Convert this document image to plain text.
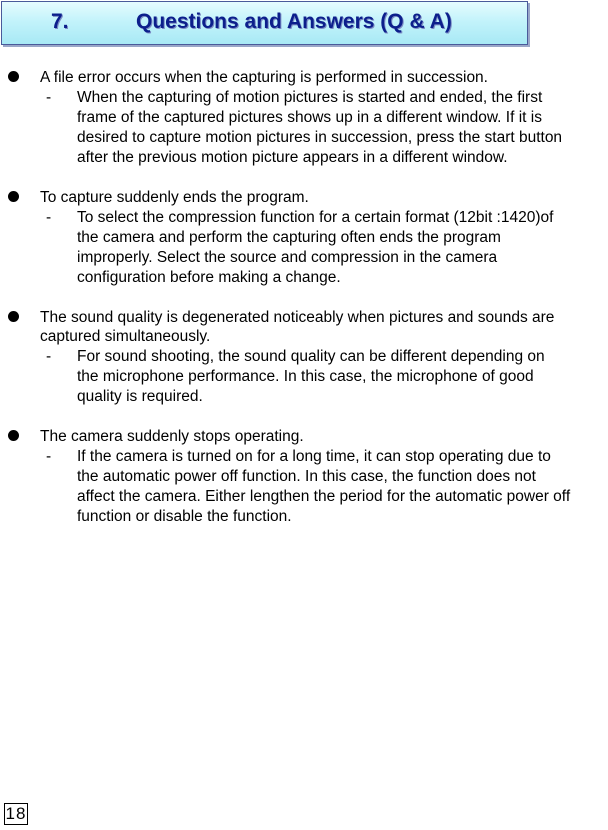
7.	Questions and Answers (Q & A)
A file error occurs when the capturing is performed in succession.
- When the capturing of motion pictures is started and ended, the first
frame of the captured pictures shows up in a different window. If it is
desired to capture motion pictures in succession, press the start button
after the previous motion picture appears in a different window.
To capture suddenly ends the program.
- To select the compression function for a certain format (12bit :1420)of
the camera and perform the capturing often ends the program
improperly. Select the source and compression in the camera
configuration before making a change.
The sound quality is degenerated noticeably when pictures and sounds are captured simultaneously.
- For sound shooting, the sound quality can be different depending on
the microphone performance. In this case, the microphone of good
quality is required.
The camera suddenly stops operating.
- If the camera is turned on for a long time, it can stop operating due to
the automatic power off function. In this case, the function does not
affect the camera. Either lengthen the period for the automatic power off
function or disable the function.
18
